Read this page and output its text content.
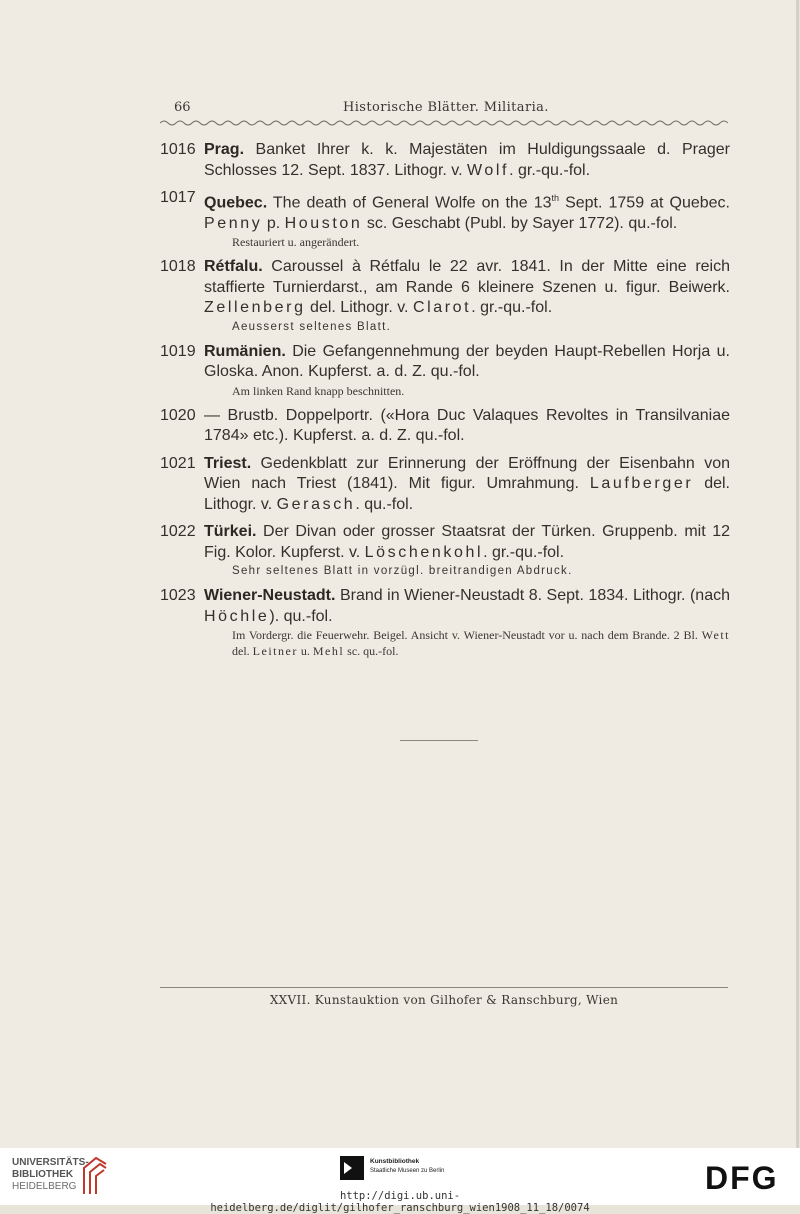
66	Historische Blätter. Militaria.
1016 Prag. Banket Ihrer k. k. Majestäten im Huldigungssaale d. Prager Schlosses 12. Sept. 1837. Lithogr. v. Wolf. gr.-qu.-fol.
1017 Quebec. The death of General Wolfe on the 13th Sept. 1759 at Quebec. Penny p. Houston sc. Geschabt (Publ. by Sayer 1772). qu.-fol.
Restauriert u. angerändert.
1018 Rétfalu. Caroussel à Rétfalu le 22 avr. 1841. In der Mitte eine reich staffierte Turnierdarst., am Rande 6 kleinere Szenen u. figur. Beiwerk. Zellenberg del. Lithogr. v. Clarot. gr.-qu.-fol.
Aeusserst seltenes Blatt.
1019 Rumänien. Die Gefangennehmung der beyden Haupt-Rebellen Horja u. Gloska. Anon. Kupferst. a. d. Z. qu.-fol.
Am linken Rand knapp beschnitten.
1020 — Brustb. Doppelportr. («Hora Duc Valaques Revoltes in Transilvaniae 1784» etc.). Kupferst. a. d. Z. qu.-fol.
1021 Triest. Gedenkblatt zur Erinnerung der Eröffnung der Eisenbahn von Wien nach Triest (1841). Mit figur. Umrahmung. Laufberger del. Lithogr. v. Gerasch. qu.-fol.
1022 Türkei. Der Divan oder grosser Staatsrat der Türken. Gruppenb. mit 12 Fig. Kolor. Kupferst. v. Löschenkohl. gr.-qu.-fol.
Sehr seltenes Blatt in vorzügl. breitrandigen Abdruck.
1023 Wiener-Neustadt. Brand in Wiener-Neustadt 8. Sept. 1834. Lithogr. (nach Höchle). qu.-fol.
Im Vordergr. die Feuerwehr. Beigel. Ansicht v. Wiener-Neustadt vor u. nach dem Brande. 2 Bl. Wett del. Leitner u. Mehl sc. qu.-fol.
XXVII. Kunstauktion von Gilhofer & Ranschburg, Wien
UNIVERSITÄTS-
BIBLIOTHEK
HEIDELBERG
Kunstbibliothek
Staatliche Museen zu Berlin	DFG
http://digi.ub.uni-heidelberg.de/diglit/gilhofer_ranschburg_wien1908_11_18/0074
